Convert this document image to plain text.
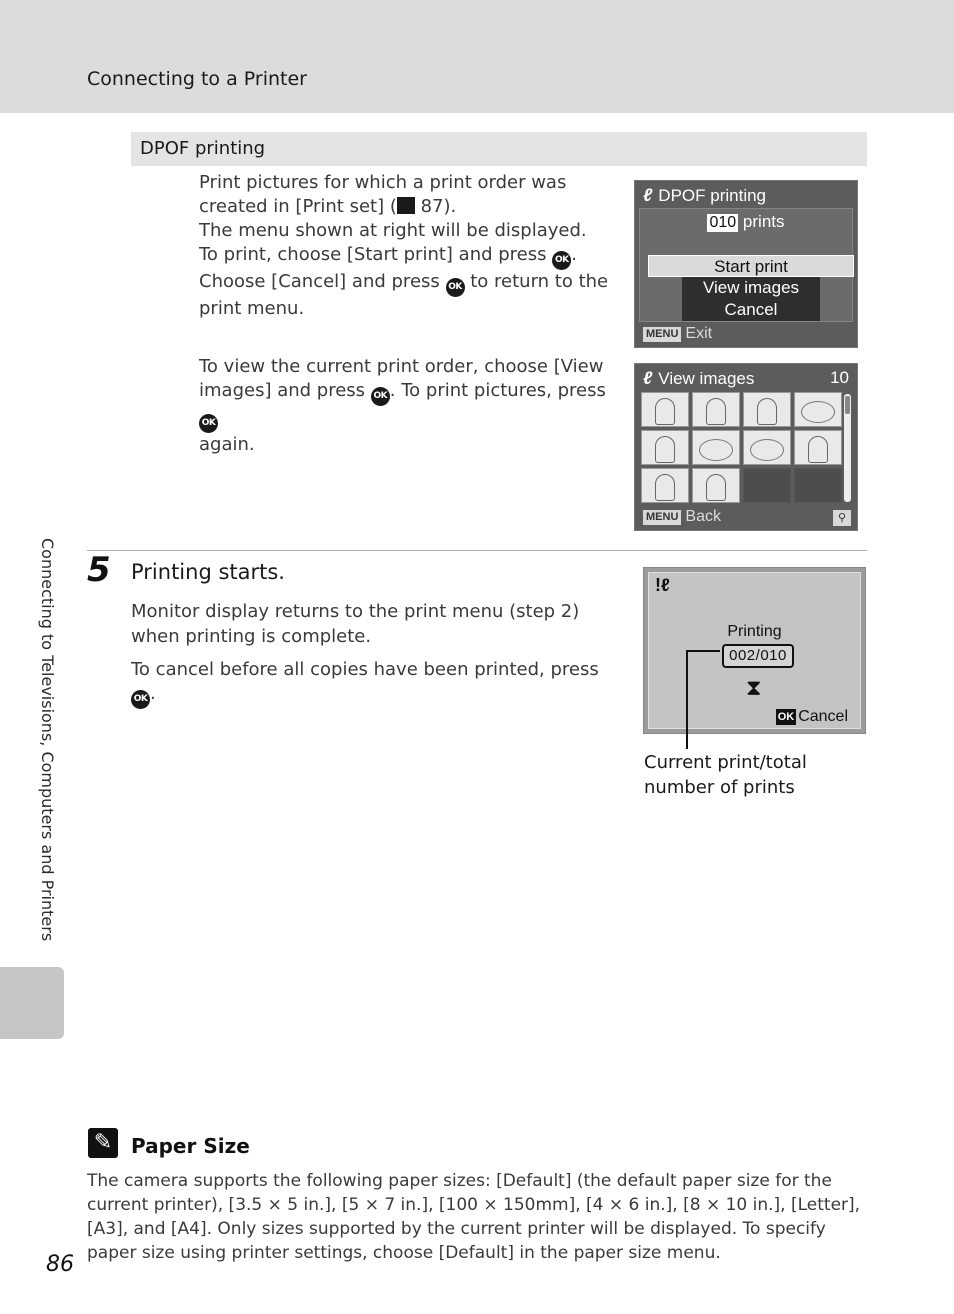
Connecting to a Printer
DPOF printing
Print pictures for which a print order was
created in [Print set] ( 87).
The menu shown at right will be displayed.
To print, choose [Start print] and press OK .
Choose [Cancel] and press OK to return to the
print menu.
To view the current print order, choose [View
images] and press OK . To print pictures, press OK
again.
ℓ DPOF printing
010 prints
Start print
View images
Cancel
MENU Exit
ℓ View images	10
MENU Back	⚲
5 Printing starts.
Monitor display returns to the print menu (step 2) when printing is complete.
To cancel before all copies have been printed, press OK .
!ℓ
Printing
002/010
⧗
OK Cancel
Current print/total
number of prints
Connecting to Televisions, Computers and Printers
✎ Paper Size
The camera supports the following paper sizes: [Default] (the default paper size for the current printer), [3.5 × 5 in.], [5 × 7 in.], [100 × 150mm], [4 × 6 in.], [8 × 10 in.], [Letter], [A3], and [A4]. Only sizes supported by the current printer will be displayed. To specify paper size using printer settings, choose [Default] in the paper size menu.
86
